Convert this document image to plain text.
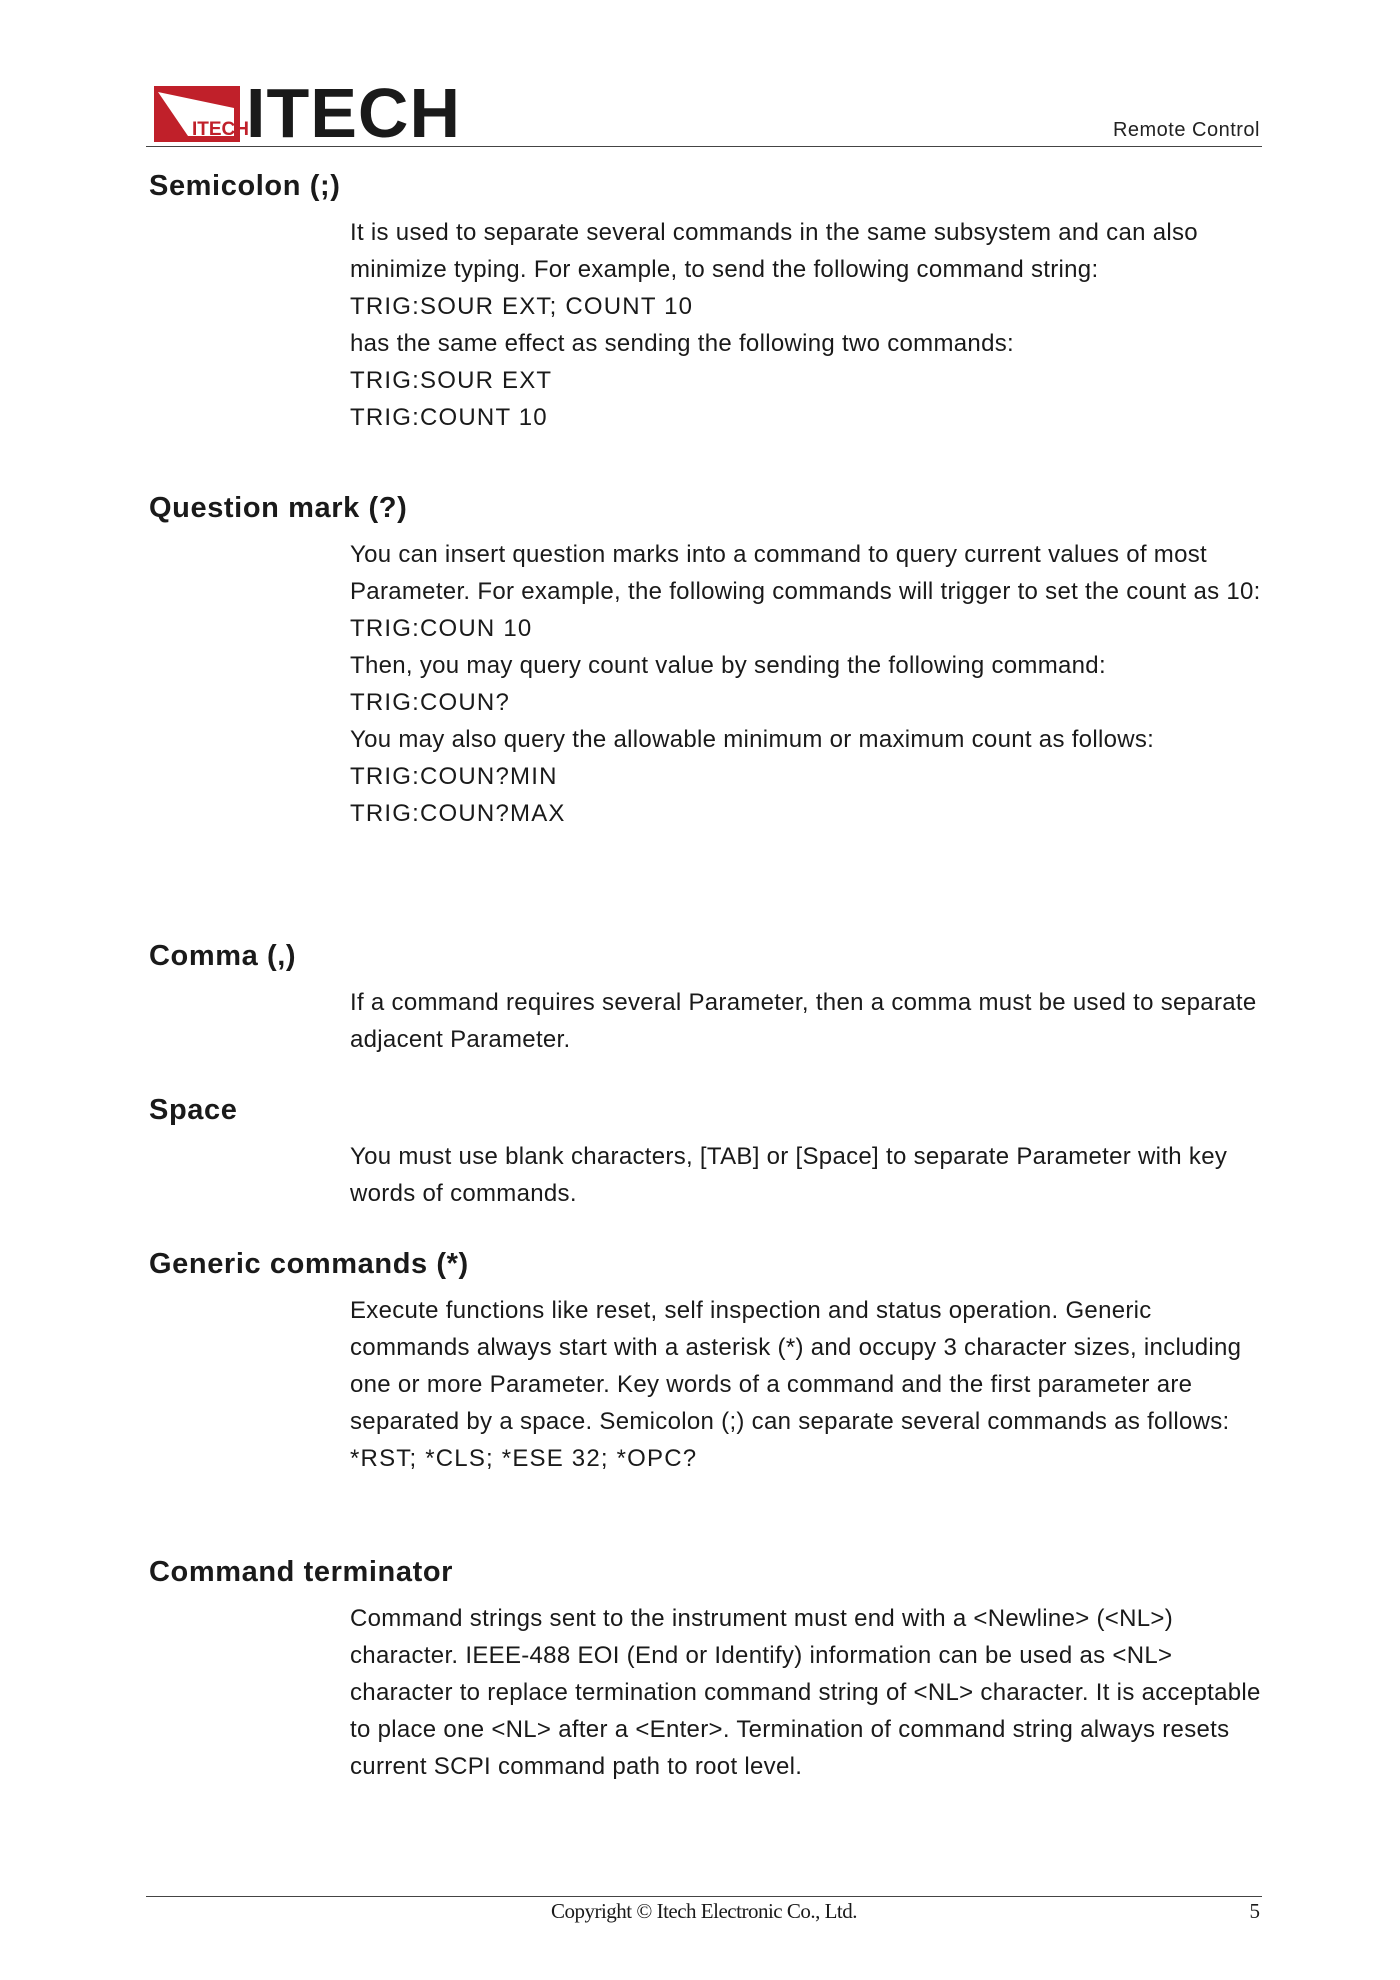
ITECH
ITECH	Remote Control
Semicolon (;)

It is used to separate several commands in the same subsystem and can also minimize typing. For example, to send the following command string:

TRIG:SOUR EXT; COUNT 10

has the same effect as sending the following two commands:

TRIG:SOUR EXT

TRIG:COUNT 10

Question mark (?)

You can insert question marks into a command to query current values of most Parameter. For example, the following commands will trigger to set the count as 10:

TRIG:COUN 10

Then, you may query count value by sending the following command:

TRIG:COUN?

You may also query the allowable minimum or maximum count as follows:

TRIG:COUN?MIN

TRIG:COUN?MAX

Comma (,)

If a command requires several Parameter, then a comma must be used to separate adjacent Parameter.

Space

You must use blank characters, [TAB] or [Space] to separate Parameter with key words of commands.

Generic commands (*)

Execute functions like reset, self inspection and status operation. Generic commands always start with a asterisk (*) and occupy 3 character sizes, including one or more Parameter. Key words of a command and the first parameter are separated by a space. Semicolon (;) can separate several commands as follows:

*RST; *CLS; *ESE 32; *OPC?

Command terminator

Command strings sent to the instrument must end with a <Newline> (<NL>) character. IEEE-488 EOI (End or Identify) information can be used as <NL> character to replace termination command string of <NL> character. It is acceptable to place one <NL> after a <Enter>. Termination of command string always resets current SCPI command path to root level.

Copyright © Itech Electronic Co., Ltd.	5
